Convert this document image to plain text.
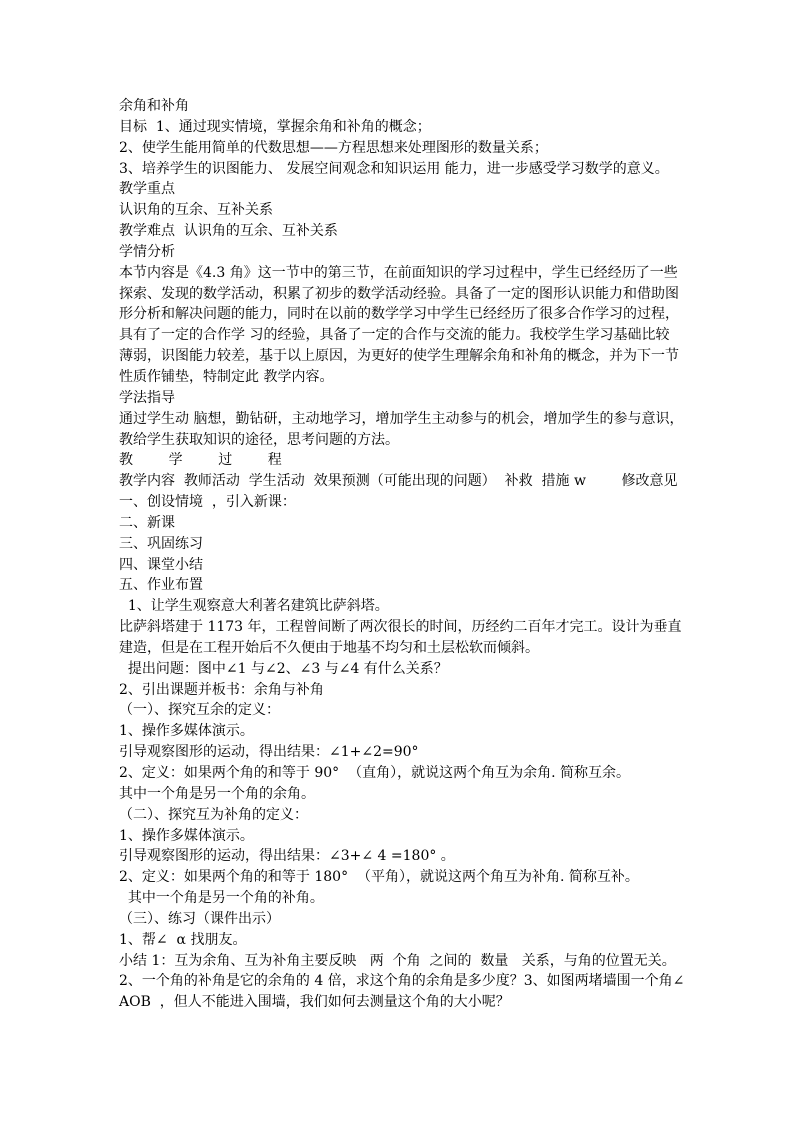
余角和补角
目标  1、通过现实情境，掌握余角和补角的概念；
2、使学生能用简单的代数思想——方程思想来处理图形的数量关系；
3、培养学生的识图能力、 发展空间观念和知识运用 能力，进一步感受学习数学的意义。
教学重点
认识角的互余、互补关系
教学难点  认识角的互余、互补关系
学情分析
本节内容是《4.3 角》这一节中的第三节，在前面知识的学习过程中，学生已经经历了一些
探索、发现的数学活动，积累了初步的数学活动经验。具备了一定的图形认识能力和借助图
形分析和解决问题的能力，同时在以前的数学学习中学生已经经历了很多合作学习的过程，
具有了一定的合作学 习的经验，具备了一定的合作与交流的能力。我校学生学习基础比较
薄弱，识图能力较差，基于以上原因，为更好的使学生理解余角和补角的概念，并为下一节
性质作铺垫，特制定此 教学内容。
学法指导
通过学生动 脑想，勤钻研，主动地学习，增加学生主动参与的机会，增加学生的参与意识，
教给学生获取知识的途径，思考问题的方法。
教        学        过        程
教学内容  教师活动  学生活动  效果预测（可能出现的问题）  补救  措施 w        修改意见
一、创设情境  ，引入新课：
二、新课
三、巩固练习
四、课堂小结
五、作业布置
1、让学生观察意大利著名建筑比萨斜塔。
比萨斜塔建于 1173 年，工程曾间断了两次很长的时间，历经约二百年才完工。设计为垂直
建造，但是在工程开始后不久便由于地基不均匀和土层松软而倾斜。
提出问题：图中∠1 与∠2、∠3 与∠4 有什么关系？
2、引出课题并板书：余角与补角
（一）、探究互余的定义：
1、操作多媒体演示。
引导观察图形的运动，得出结果：∠1+∠2=90°
2、定义：如果两个角的和等于 90°  （直角），就说这两个角互为余角. 简称互余。
其中一个角是另一个角的余角。
（二）、探究互为补角的定义：
1、操作多媒体演示。
引导观察图形的运动，得出结果：∠3+∠ 4 =180° 。
2、定义：如果两个角的和等于 180°  （平角），就说这两个角互为补角. 简称互补。
其中一个角是另一个角的补角。
（三）、练习（课件出示）
1、帮∠  α 找朋友。
小结 1：互为余角、互为补角主要反映   两  个角  之间的  数量   关系，与角的位置无关。
2、一个角的补角是它的余角的 4 倍，求这个角的余角是多少度？3、如图两堵墙围一个角∠
AOB  ，但人不能进入围墙，我们如何去测量这个角的大小呢？
